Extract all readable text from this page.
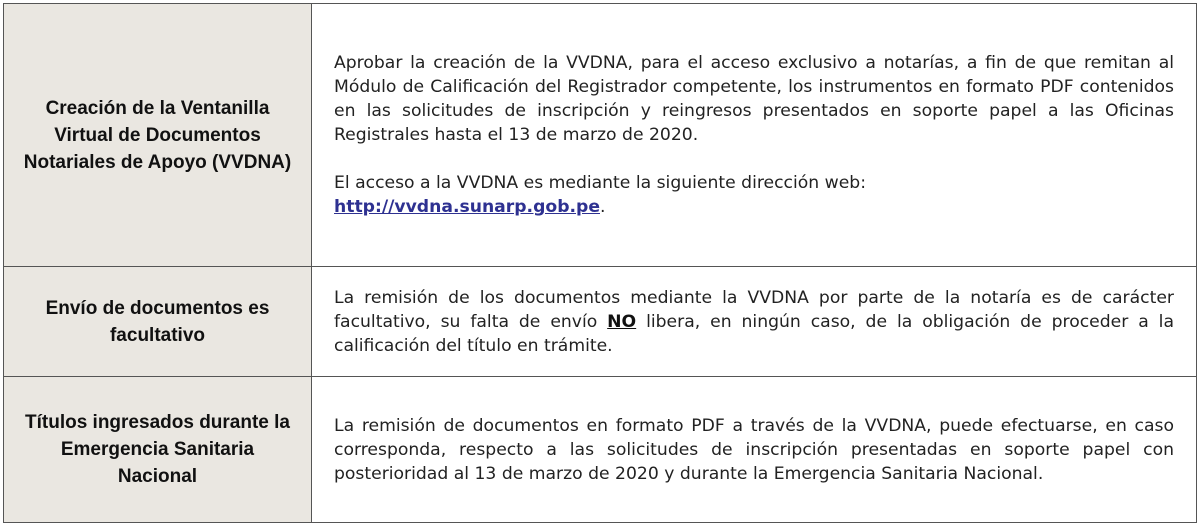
Creación de la Ventanilla Virtual de Documentos Notariales de Apoyo (VVDNA)	Aprobar la creación de la VVDNA, para el acceso exclusivo a notarías, a fin de que remitan al Módulo de Calificación del Registrador competente, los instrumentos en formato PDF contenidos en las solicitudes de inscripción y reingresos presentados en soporte papel a las Oficinas Registrales hasta el 13 de marzo de 2020.

El acceso a la VVDNA es mediante la siguiente dirección web:
http://vvdna.sunarp.gob.pe.

Envío de documentos es facultativo	La remisión de los documentos mediante la VVDNA por parte de la notaría es de carácter facultativo, su falta de envío NO libera, en ningún caso, de la obligación de proceder a la calificación del título en trámite.

Títulos ingresados durante la Emergencia Sanitaria Nacional	La remisión de documentos en formato PDF a través de la VVDNA, puede efectuarse, en caso corresponda, respecto a las solicitudes de inscripción presentadas en soporte papel con posterioridad al 13 de marzo de 2020 y durante la Emergencia Sanitaria Nacional.
